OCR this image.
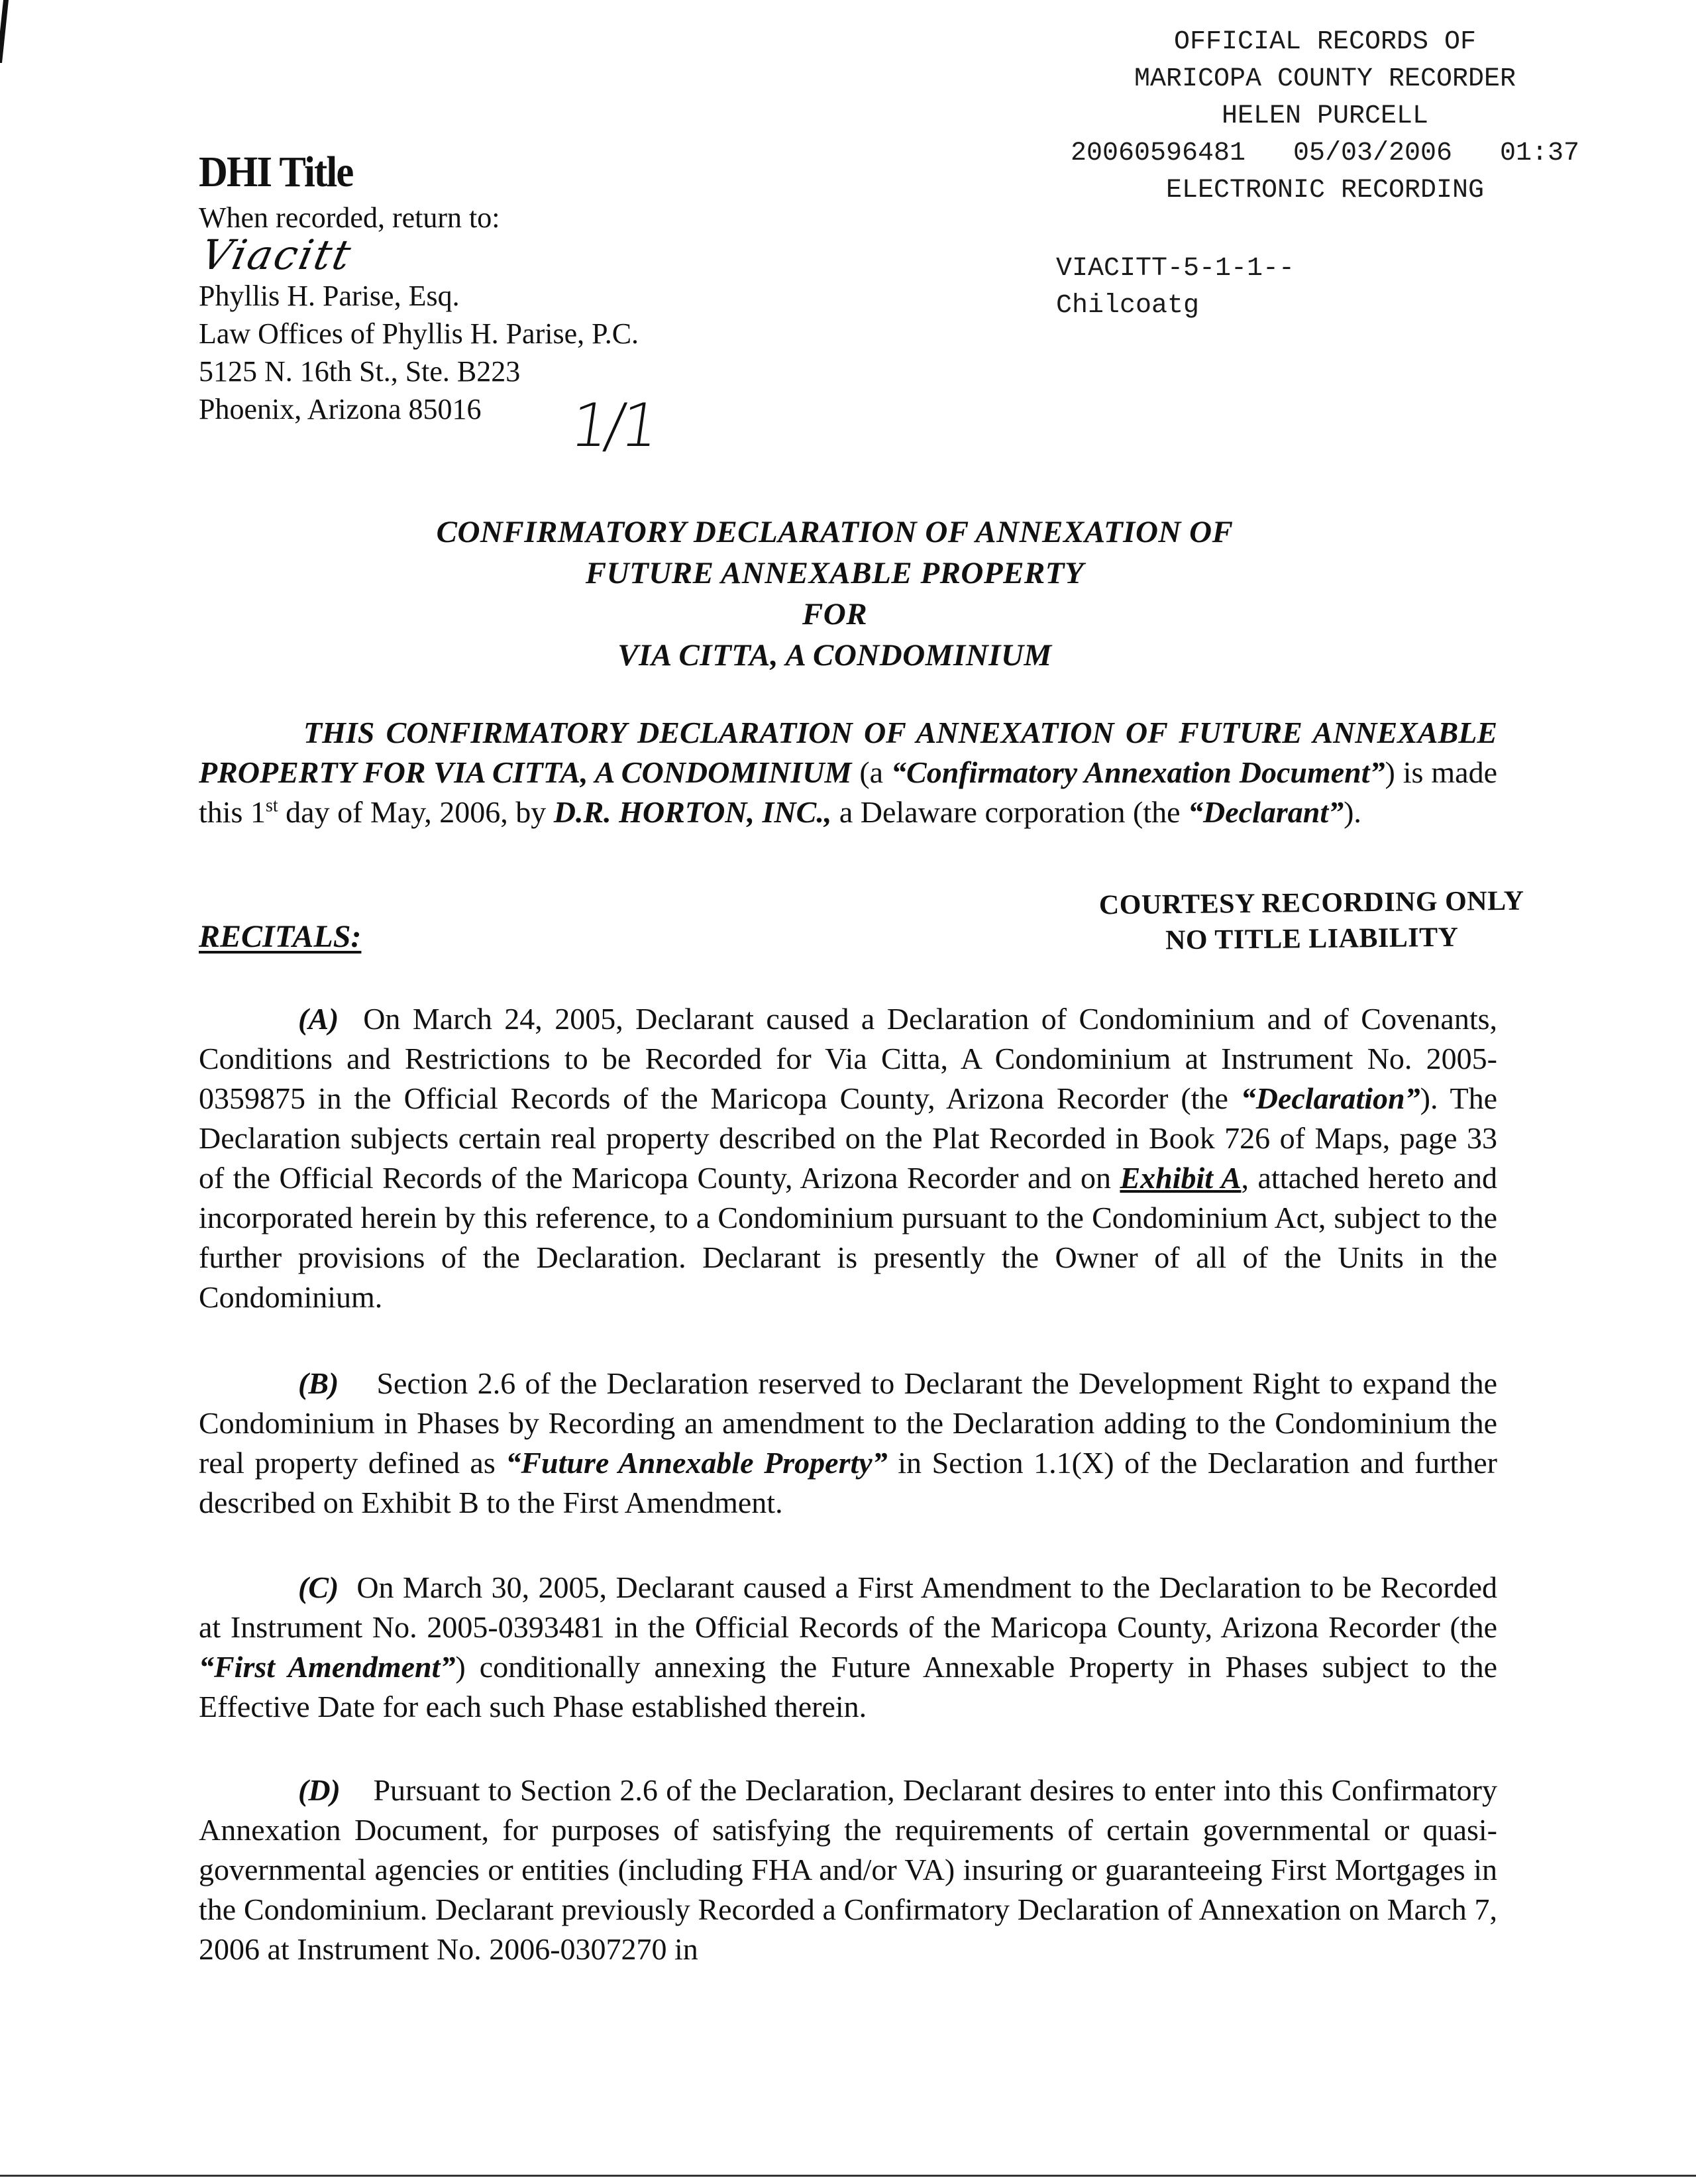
OFFICIAL RECORDS OF
MARICOPA COUNTY RECORDER
HELEN PURCELL
20060596481   05/03/2006   01:37
ELECTRONIC RECORDING
VIACITT-5-1-1--
Chilcoatg
DHI Title
When recorded, return to:
Viacitt
Phyllis H. Parise, Esq.
Law Offices of Phyllis H. Parise, P.C.
5125 N. 16th St., Ste. B223
Phoenix, Arizona 85016	1/1
CONFIRMATORY DECLARATION OF ANNEXATION OF
FUTURE ANNEXABLE PROPERTY
FOR
VIA CITTA, A CONDOMINIUM
THIS CONFIRMATORY DECLARATION OF ANNEXATION OF FUTURE ANNEXABLE PROPERTY FOR VIA CITTA, A CONDOMINIUM (a “Confirmatory Annexation Document”) is made this 1st day of May, 2006, by D.R. HORTON, INC., a Delaware corporation (the “Declarant”).
RECITALS:
COURTESY RECORDING ONLY
NO TITLE LIABILITY
(A) On March 24, 2005, Declarant caused a Declaration of Condominium and of Covenants, Conditions and Restrictions to be Recorded for Via Citta, A Condominium at Instrument No. 2005-0359875 in the Official Records of the Maricopa County, Arizona Recorder (the “Declaration”). The Declaration subjects certain real property described on the Plat Recorded in Book 726 of Maps, page 33 of the Official Records of the Maricopa County, Arizona Recorder and on Exhibit A, attached hereto and incorporated herein by this reference, to a Condominium pursuant to the Condominium Act, subject to the further provisions of the Declaration. Declarant is presently the Owner of all of the Units in the Condominium.
(B) Section 2.6 of the Declaration reserved to Declarant the Development Right to expand the Condominium in Phases by Recording an amendment to the Declaration adding to the Condominium the real property defined as “Future Annexable Property” in Section 1.1(X) of the Declaration and further described on Exhibit B to the First Amendment.
(C) On March 30, 2005, Declarant caused a First Amendment to the Declaration to be Recorded at Instrument No. 2005-0393481 in the Official Records of the Maricopa County, Arizona Recorder (the “First Amendment”) conditionally annexing the Future Annexable Property in Phases subject to the Effective Date for each such Phase established therein.
(D) Pursuant to Section 2.6 of the Declaration, Declarant desires to enter into this Confirmatory Annexation Document, for purposes of satisfying the requirements of certain governmental or quasi-governmental agencies or entities (including FHA and/or VA) insuring or guaranteeing First Mortgages in the Condominium. Declarant previously Recorded a Confirmatory Declaration of Annexation on March 7, 2006 at Instrument No. 2006-0307270 in
